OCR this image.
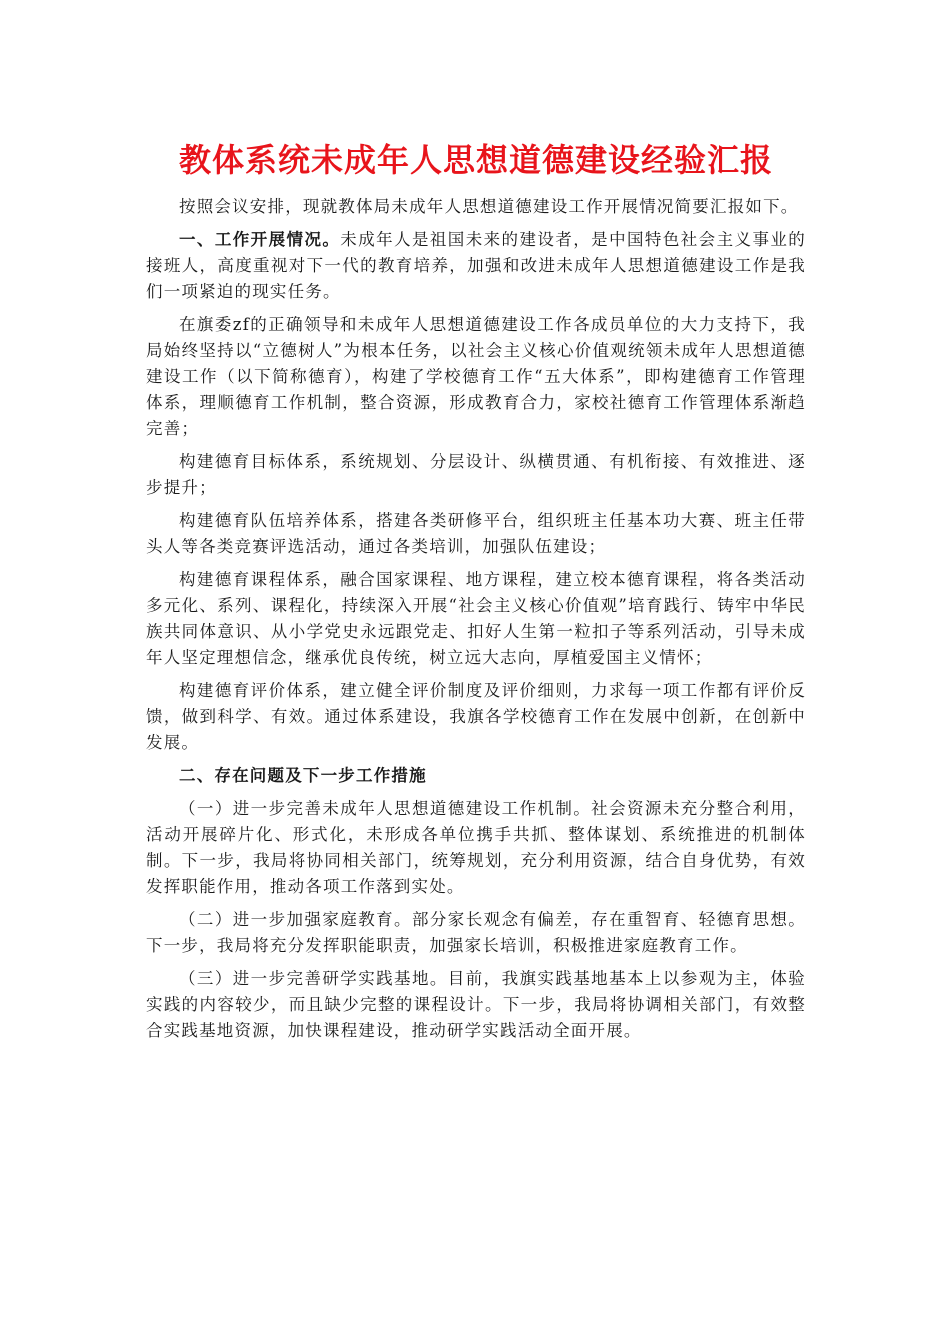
教体系统未成年人思想道德建设经验汇报

按照会议安排，现就教体局未成年人思想道德建设工作开展情况简要汇报如下。

一、工作开展情况。未成年人是祖国未来的建设者，是中国特色社会主义事业的接班人，高度重视对下一代的教育培养，加强和改进未成年人思想道德建设工作是我们一项紧迫的现实任务。

在旗委zf的正确领导和未成年人思想道德建设工作各成员单位的大力支持下，我局始终坚持以“立德树人”为根本任务，以社会主义核心价值观统领未成年人思想道德建设工作（以下简称德育），构建了学校德育工作“五大体系”，即构建德育工作管理体系，理顺德育工作机制，整合资源，形成教育合力，家校社德育工作管理体系渐趋完善；

构建德育目标体系，系统规划、分层设计、纵横贯通、有机衔接、有效推进、逐步提升；

构建德育队伍培养体系，搭建各类研修平台，组织班主任基本功大赛、班主任带头人等各类竞赛评选活动，通过各类培训，加强队伍建设；

构建德育课程体系，融合国家课程、地方课程，建立校本德育课程，将各类活动多元化、系列、课程化，持续深入开展“社会主义核心价值观”培育践行、铸牢中华民族共同体意识、从小学党史永远跟党走、扣好人生第一粒扣子等系列活动，引导未成年人坚定理想信念，继承优良传统，树立远大志向，厚植爱国主义情怀；

构建德育评价体系，建立健全评价制度及评价细则，力求每一项工作都有评价反馈，做到科学、有效。通过体系建设，我旗各学校德育工作在发展中创新，在创新中发展。

二、存在问题及下一步工作措施

（一）进一步完善未成年人思想道德建设工作机制。社会资源未充分整合利用，活动开展碎片化、形式化，未形成各单位携手共抓、整体谋划、系统推进的机制体制。下一步，我局将协同相关部门，统筹规划，充分利用资源，结合自身优势，有效发挥职能作用，推动各项工作落到实处。

（二）进一步加强家庭教育。部分家长观念有偏差，存在重智育、轻德育思想。下一步，我局将充分发挥职能职责，加强家长培训，积极推进家庭教育工作。

（三）进一步完善研学实践基地。目前，我旗实践基地基本上以参观为主，体验实践的内容较少，而且缺少完整的课程设计。下一步，我局将协调相关部门，有效整合实践基地资源，加快课程建设，推动研学实践活动全面开展。
